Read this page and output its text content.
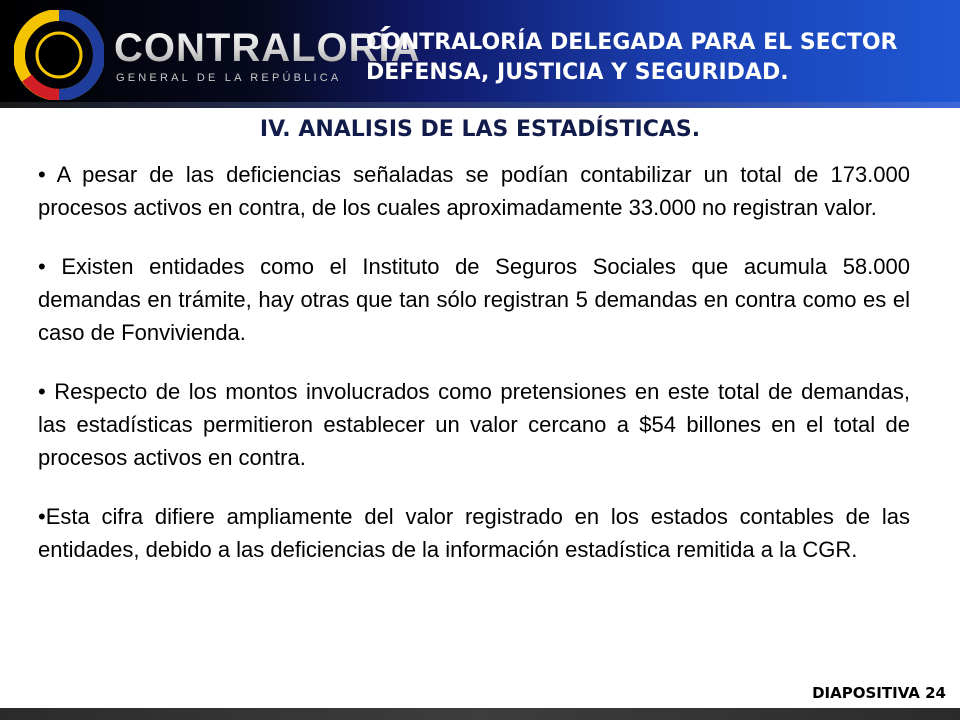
CONTRALORÍA

GENERAL DE LA REPÚBLICA

CONTRALORÍA DELEGADA PARA EL SECTOR
DEFENSA, JUSTICIA Y SEGURIDAD.
IV. ANALISIS DE LAS ESTADÍSTICAS.

• A pesar de las deficiencias señaladas se podían contabilizar un total de 173.000 procesos activos en contra, de los cuales aproximadamente 33.000 no registran valor.

• Existen entidades como el Instituto de Seguros Sociales que acumula 58.000 demandas en trámite, hay otras que tan sólo registran 5 demandas en contra como es el caso de Fonvivienda.

• Respecto de los montos involucrados como pretensiones en este total de demandas, las estadísticas permitieron establecer un valor cercano a $54 billones en el total de procesos activos en contra.

•Esta cifra difiere ampliamente del valor registrado en los estados contables de las entidades, debido a las deficiencias de la información estadística remitida a la CGR.

DIAPOSITIVA 24
